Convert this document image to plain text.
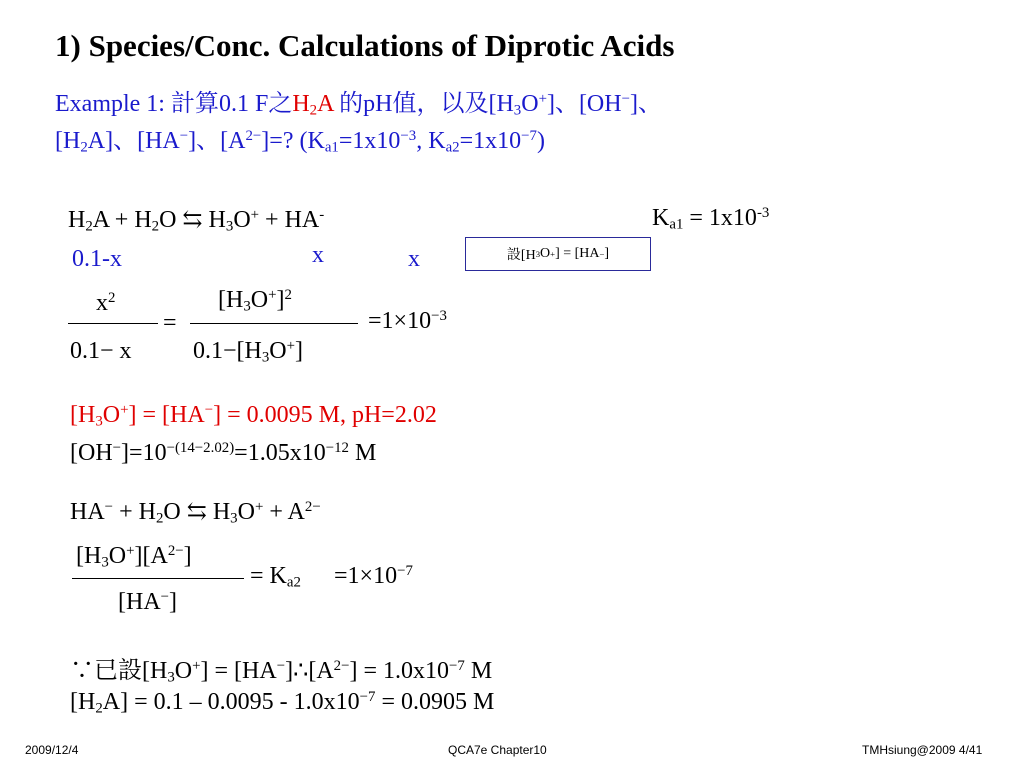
1) Species/Conc. Calculations of Diprotic Acids
Example 1: 計算0.1 F之$H_2A$ 的pH值，以及$[H_3O^+]$、[OH−]、
$[H_2A]$、[HA−]、$[A^{2-}]=$? ($K_{a1}=1x10^{-3}$, $K_{a2}=1x10^{-7}$)
$H_2A + H_2O$ ⇆ $H_3O^+ + HA^-$	$K_{a1} = 1x10^{-3}$
0.1-x	x	x	設[H 3 O + ] = [HA − ]
$x^2$
0.1− x
=
$[H_3O^+]^2$
$0.1-[H_3O^+]$
$=1\times 10^{-3}$
$[H_3O^+] = [HA^-] = 0.0095$ M, pH=2.02
$[OH^-]=10^{-(14-2.02)}=1.05x10^{-12}$ M
$HA^- + H_2O$ ⇆ $H_3O^+ + A^{2-}$
$[H_3O^+][A^{2-}]$
[HA−]
= $K_{a2} =1\times 10^{-7}$
∵已設$[H_3O^+]$ = $[HA^-]\therefore[A^{2-}] = 1.0x10^{-7}$ M
$[H_2A] = 0.1 - 0.0095 - 1.0x10^{-7} = 0.0905$ M
2009/12/4	QCA7e Chapter10	TMHsiung@2009 4/41
